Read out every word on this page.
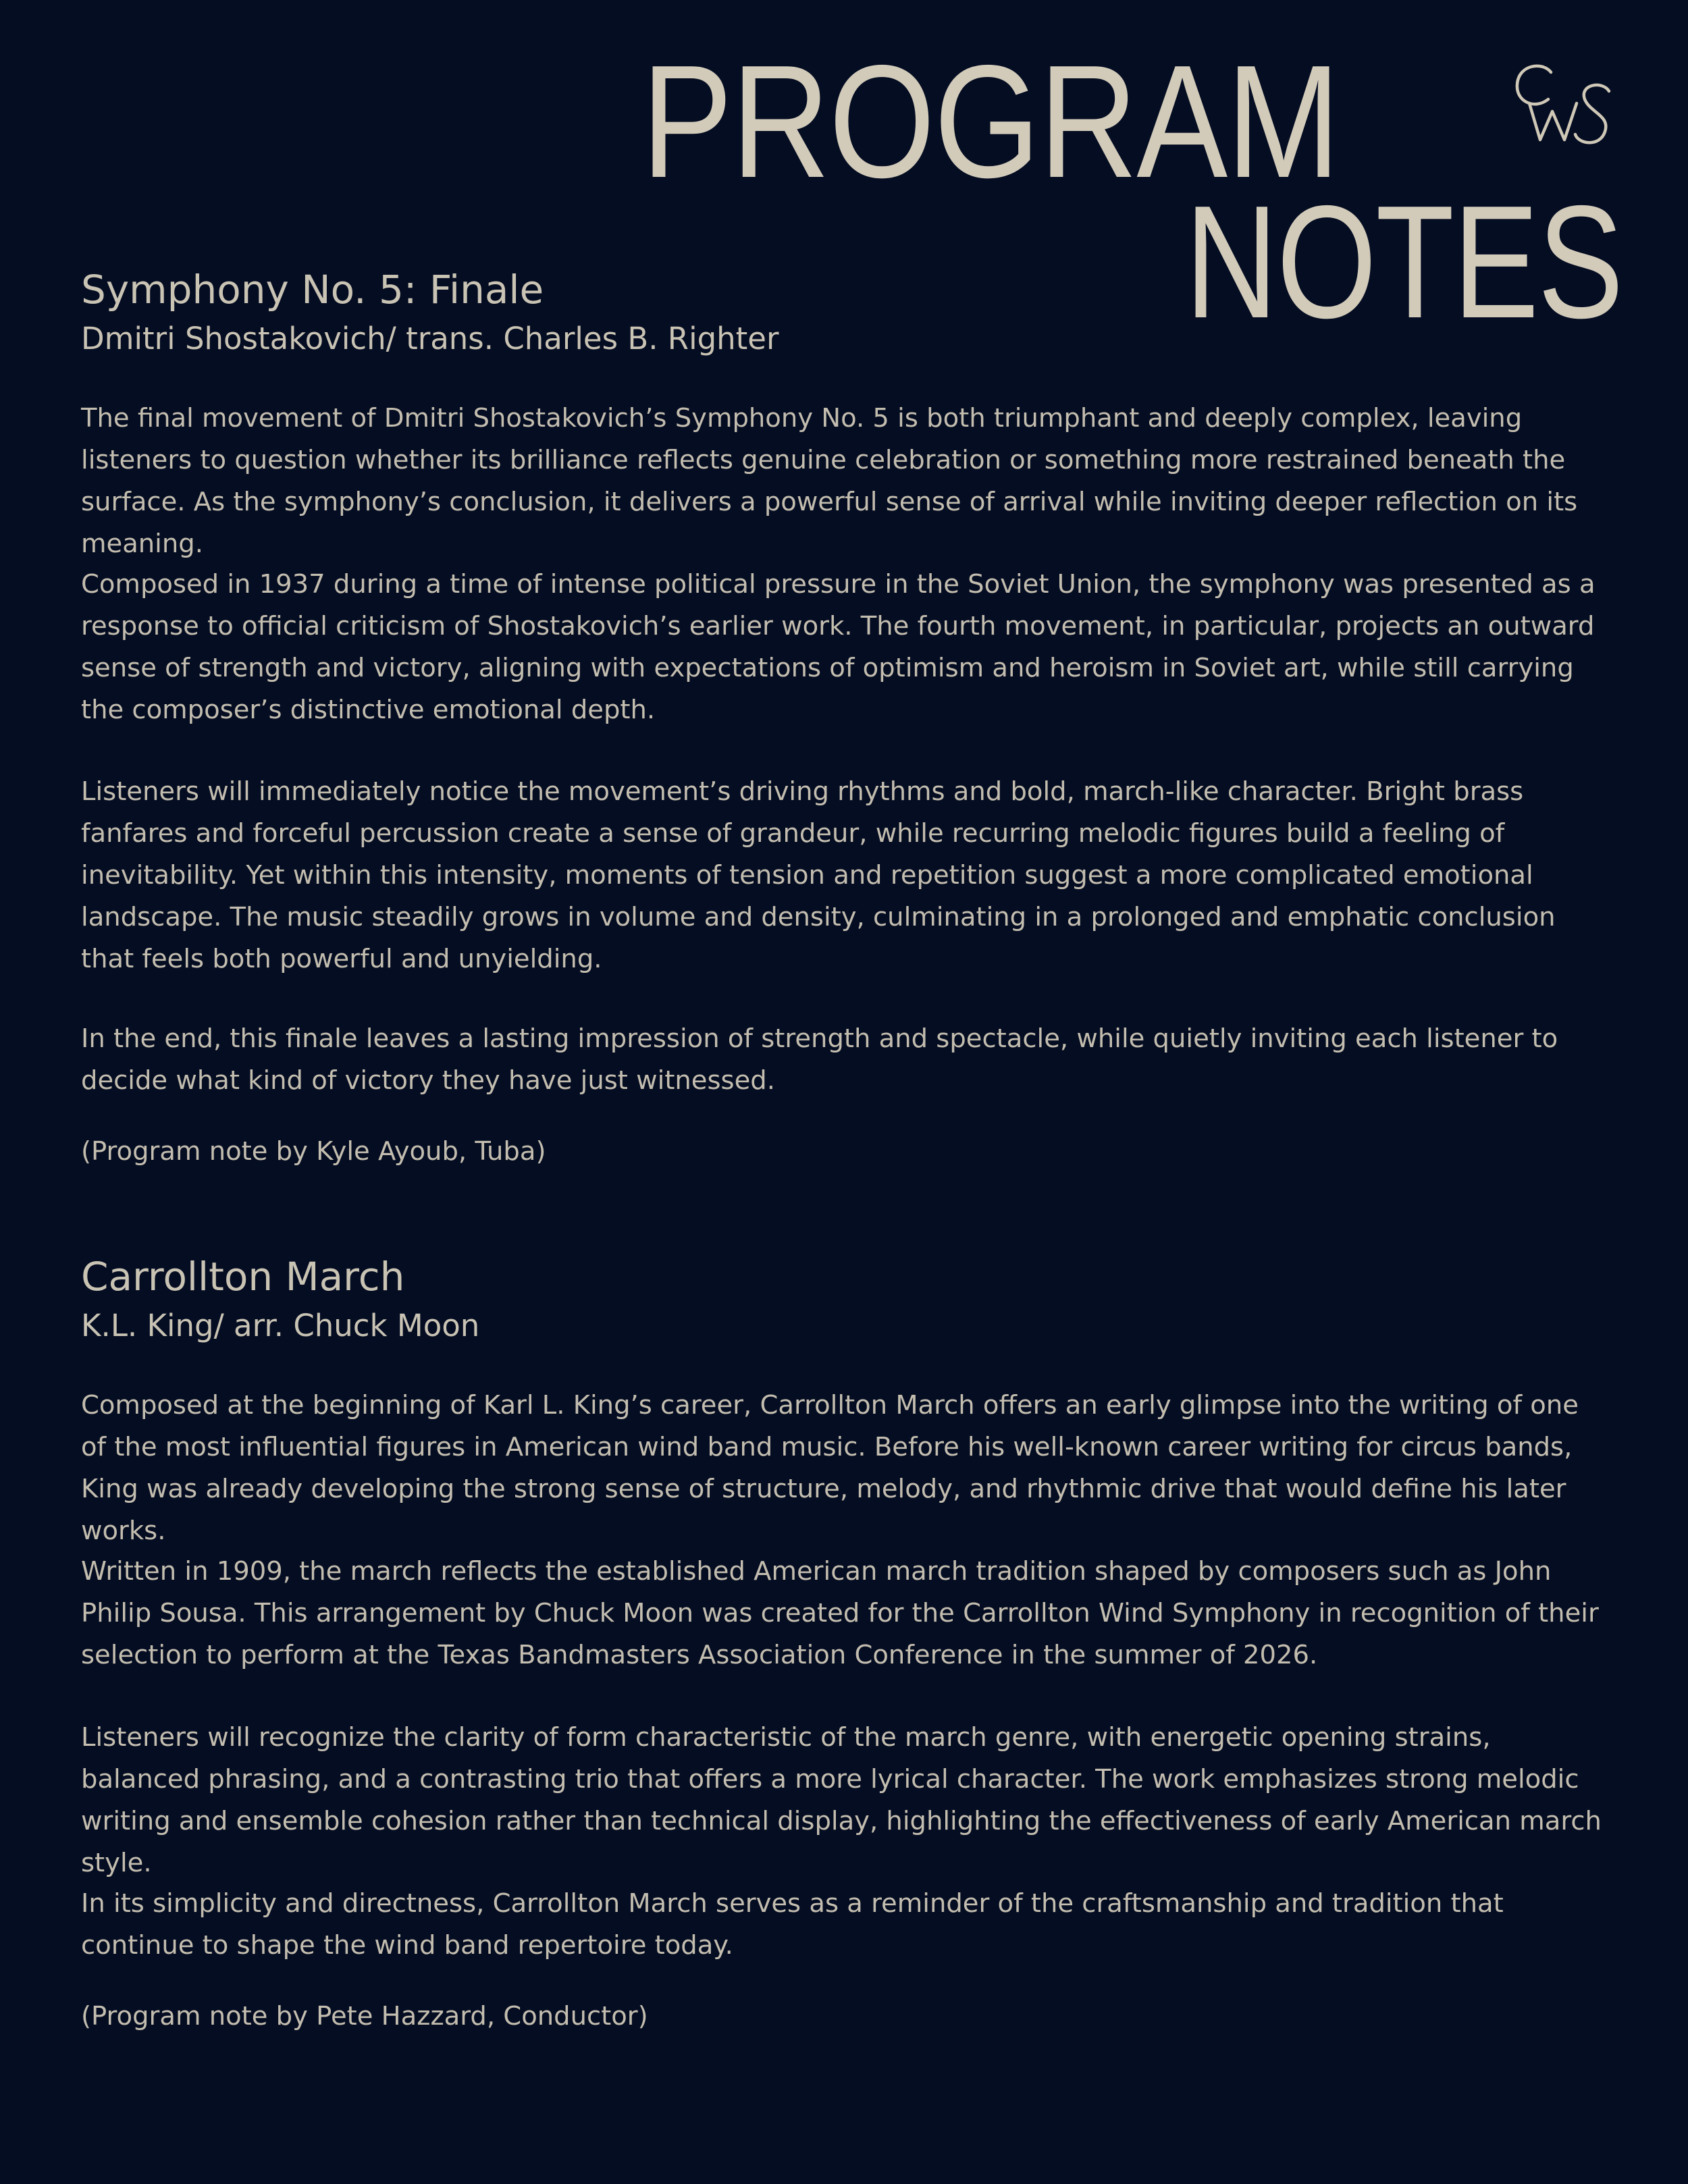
PROGRAM
NOTES
Symphony No. 5: Finale
Dmitri Shostakovich/ trans. Charles B. Righter

The final movement of Dmitri Shostakovich’s Symphony No. 5 is both triumphant and deeply complex, leaving listeners to question whether its brilliance reflects genuine celebration or something more restrained beneath the surface. As the symphony’s conclusion, it delivers a powerful sense of arrival while inviting deeper reflection on its meaning.

Composed in 1937 during a time of intense political pressure in the Soviet Union, the symphony was presented as a response to official criticism of Shostakovich’s earlier work. The fourth movement, in particular, projects an outward sense of strength and victory, aligning with expectations of optimism and heroism in Soviet art, while still carrying the composer’s distinctive emotional depth.

Listeners will immediately notice the movement’s driving rhythms and bold, march-like character. Bright brass fanfares and forceful percussion create a sense of grandeur, while recurring melodic figures build a feeling of inevitability. Yet within this intensity, moments of tension and repetition suggest a more complicated emotional landscape. The music steadily grows in volume and density, culminating in a prolonged and emphatic conclusion that feels both powerful and unyielding.

In the end, this finale leaves a lasting impression of strength and spectacle, while quietly inviting each listener to decide what kind of victory they have just witnessed.

(Program note by Kyle Ayoub, Tuba)

Carrollton March
K.L. King/ arr. Chuck Moon

Composed at the beginning of Karl L. King’s career, Carrollton March offers an early glimpse into the writing of one of the most influential figures in American wind band music. Before his well-known career writing for circus bands, King was already developing the strong sense of structure, melody, and rhythmic drive that would define his later works.

Written in 1909, the march reflects the established American march tradition shaped by composers such as John Philip Sousa. This arrangement by Chuck Moon was created for the Carrollton Wind Symphony in recognition of their selection to perform at the Texas Bandmasters Association Conference in the summer of 2026.

Listeners will recognize the clarity of form characteristic of the march genre, with energetic opening strains, balanced phrasing, and a contrasting trio that offers a more lyrical character. The work emphasizes strong melodic writing and ensemble cohesion rather than technical display, highlighting the effectiveness of early American march style.

In its simplicity and directness, Carrollton March serves as a reminder of the craftsmanship and tradition that continue to shape the wind band repertoire today.

(Program note by Pete Hazzard, Conductor)
